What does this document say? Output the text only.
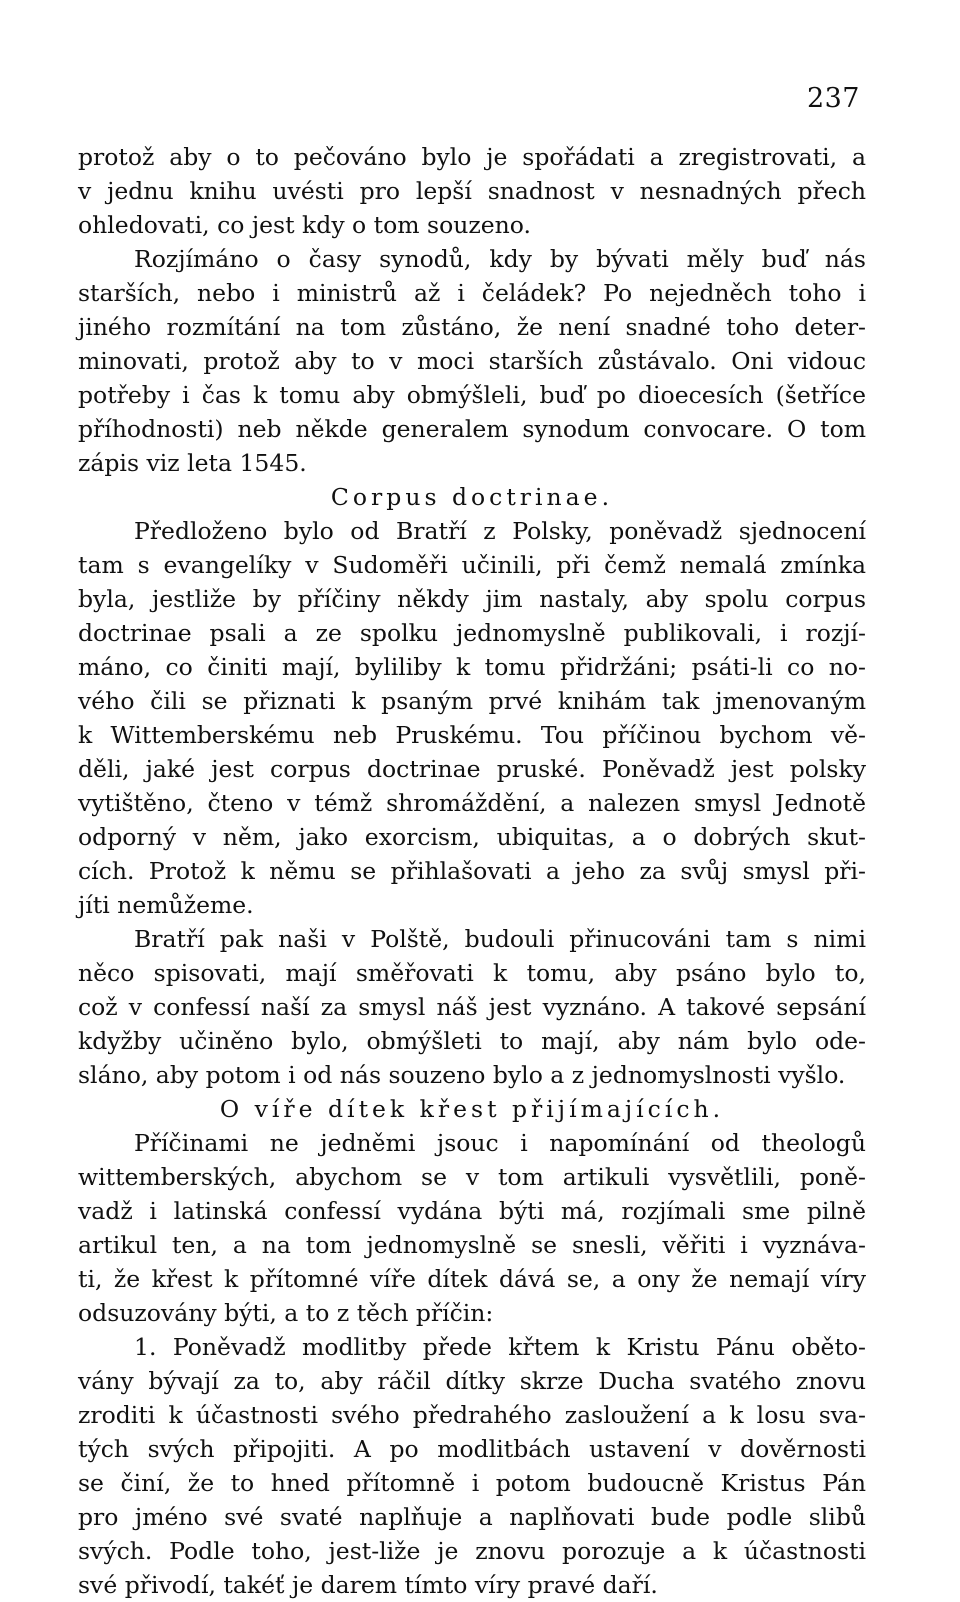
237
protož aby o to pečováno bylo je spořádati a zregistrovati, a
v jednu knihu uvésti pro lepší snadnost v nesnadných přech
ohledovati, co jest kdy o tom souzeno.
Rozjímáno o časy synodů, kdy by bývati měly buď nás
starších, nebo i ministrů až i čeládek? Po nejedněch toho i
jiného rozmítání na tom zůstáno, že není snadné toho deter-
minovati, protož aby to v moci starších zůstávalo. Oni vidouc
potřeby i čas k tomu aby obmýšleli, buď po dioecesích (šetříce
příhodnosti) neb někde generalem synodum convocare. O tom
zápis viz leta 1545.
Corpus doctrinae.
Předloženo bylo od Bratří z Polsky, poněvadž sjednocení
tam s evangelíky v Sudoměři učinili, při čemž nemalá zmínka
byla, jestliže by příčiny někdy jim nastaly, aby spolu corpus
doctrinae psali a ze spolku jednomyslně publikovali, i rozjí-
máno, co činiti mají, byliliby k tomu přidržáni; psáti-li co no-
vého čili se přiznati k psaným prvé knihám tak jmenovaným
k Wittemberskému neb Pruskému. Tou příčinou bychom vě-
děli, jaké jest corpus doctrinae pruské. Poněvadž jest polsky
vytištěno, čteno v témž shromáždění, a nalezen smysl Jednotě
odporný v něm, jako exorcism, ubiquitas, a o dobrých skut-
cích. Protož k němu se přihlašovati a jeho za svůj smysl při-
jíti nemůžeme.
Bratří pak naši v Polště, budouli přinucováni tam s nimi
něco spisovati, mají směřovati k tomu, aby psáno bylo to,
což v confessí naší za smysl náš jest vyznáno. A takové sepsání
kdyžby učiněno bylo, obmýšleti to mají, aby nám bylo ode-
sláno, aby potom i od nás souzeno bylo a z jednomyslnosti vyšlo.
O víře dítek křest přijímajících.
Příčinami ne jedněmi jsouc i napomínání od theologů
wittemberských, abychom se v tom artikuli vysvětlili, poně-
vadž i latinská confessí vydána býti má, rozjímali sme pilně
artikul ten, a na tom jednomyslně se snesli, věřiti i vyznáva-
ti, že křest k přítomné víře dítek dává se, a ony že nemají víry
odsuzovány býti, a to z těch příčin:
1. Poněvadž modlitby přede křtem k Kristu Pánu obětо-
vány bývají za to, aby ráčil dítky skrze Ducha svatého znovu
zroditi k účastnosti svého předrahého zasloužení a k losu sva-
tých svých připojiti. A po modlitbách ustavení v dověrnosti
se činí, že to hned přítomně i potom budoucně Kristus Pán
pro jméno své svaté naplňuje a naplňovati bude podle slibů
svých. Podle toho, jest-liže je znovu porozuje a k účastnosti
své přivodí, takéť je darem tímto víry pravé daří.
